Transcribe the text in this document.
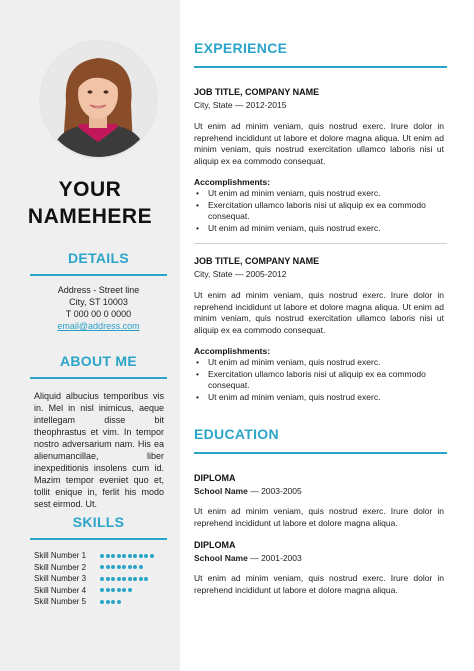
YOUR
NAMEHERE
DETAILS
Address - Street line
City, ST 10003
T 000 00 0 0000
email@address.com
ABOUT ME
Aliquid albucius temporibus vis in. Mel in nisl inimicus, aeque intellegam disse bit theophrastus et vim. In tempor nostro adversarium nam. His ea alienumancillae, liber inexpeditionis insolens cum id. Mazim tempor eveniet quo et, tollit enique in, ferlit his modo sest eirmod. Ut.
SKILLS
Skill Number 1
Skill Number 2
Skill Number 3
Skill Number 4
Skill Number 5
EXPERIENCE
JOB TITLE, COMPANY NAME
City, State — 2012-2015
Ut enim ad minim veniam, quis nostrud exerc. Irure dolor in reprehend incididunt ut labore et dolore magna aliqua. Ut enim ad minim veniam, quis nostrud exercitation ullamco laboris nisi ut aliquip ex ea commodo consequat.
Accomplishments:
• Ut enim ad minim veniam, quis nostrud exerc.
• Exercitation ullamco laboris nisi ut aliquip ex ea commodo consequat.
• Ut enim ad minim veniam, quis nostrud exerc.
JOB TITLE, COMPANY NAME
City, State — 2005-2012
Ut enim ad minim veniam, quis nostrud exerc. Irure dolor in reprehend incididunt ut labore et dolore magna aliqua. Ut enim ad minim veniam, quis nostrud exercitation ullamco laboris nisi ut aliquip ex ea commodo consequat.
Accomplishments:
• Ut enim ad minim veniam, quis nostrud exerc.
• Exercitation ullamco laboris nisi ut aliquip ex ea commodo consequat.
• Ut enim ad minim veniam, quis nostrud exerc.
EDUCATION
DIPLOMA
School Name — 2003-2005
Ut enim ad minim veniam, quis nostrud exerc. Irure dolor in reprehend incididunt ut labore et dolore magna aliqua.
DIPLOMA
School Name — 2001-2003
Ut enim ad minim veniam, quis nostrud exerc. Irure dolor in reprehend incididunt ut labore et dolore magna aliqua.
